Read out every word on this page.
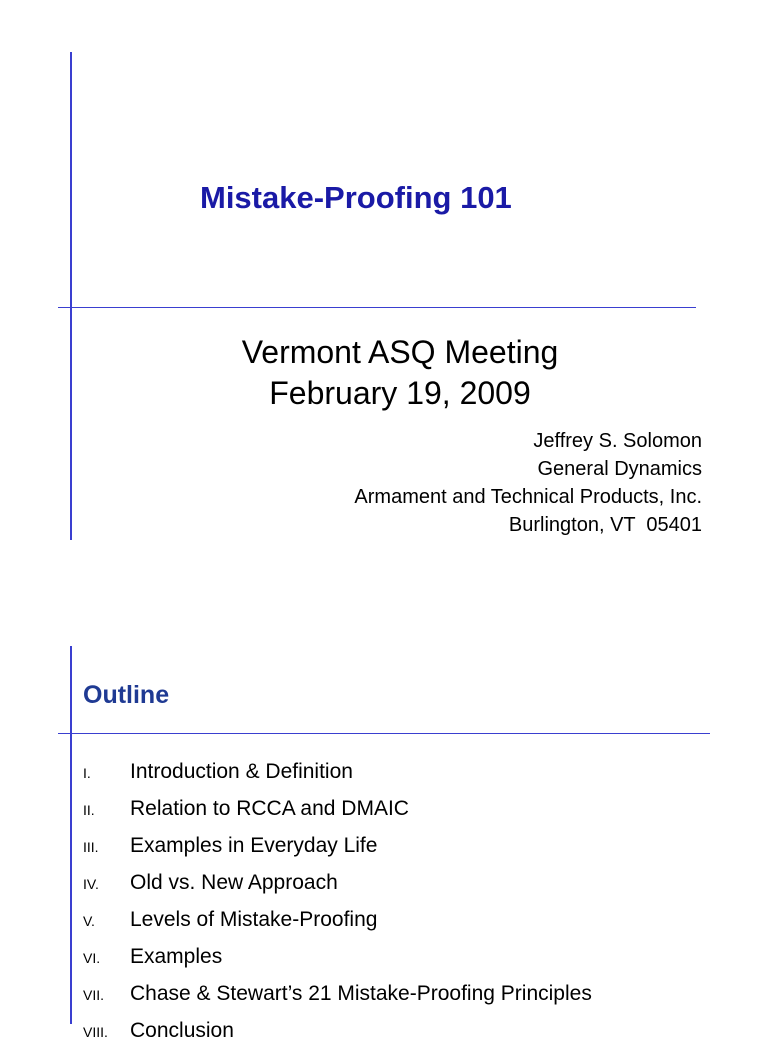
Mistake-Proofing 101
Vermont ASQ Meeting
February 19, 2009
Jeffrey S. Solomon
General Dynamics
Armament and Technical Products, Inc.
Burlington, VT  05401
Outline
I. Introduction & Definition
II. Relation to RCCA and DMAIC
III. Examples in Everyday Life
IV. Old vs. New Approach
V. Levels of Mistake-Proofing
VI. Examples
VII. Chase & Stewart’s 21 Mistake-Proofing Principles
VIII. Conclusion
